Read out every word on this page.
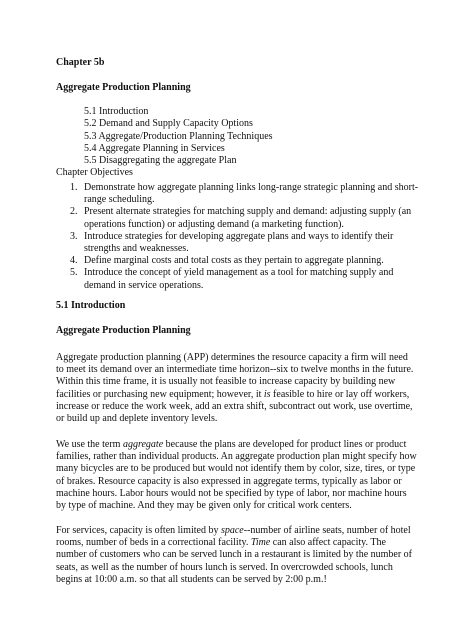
Chapter 5b
Aggregate Production Planning
5.1 Introduction
5.2 Demand and Supply Capacity Options
5.3 Aggregate/Production Planning Techniques
5.4 Aggregate Planning in Services
5.5 Disaggregating the aggregate Plan
Chapter Objectives
1. Demonstrate how aggregate planning links long-range strategic planning and short-range scheduling.
2. Present alternate strategies for matching supply and demand: adjusting supply (an operations function) or adjusting demand (a marketing function).
3. Introduce strategies for developing aggregate plans and ways to identify their strengths and weaknesses.
4. Define marginal costs and total costs as they pertain to aggregate planning.
5. Introduce the concept of yield management as a tool for matching supply and demand in service operations.
5.1 Introduction
Aggregate Production Planning

Aggregate production planning (APP) determines the resource capacity a firm will need to meet its demand over an intermediate time horizon--six to twelve months in the future. Within this time frame, it is usually not feasible to increase capacity by building new facilities or purchasing new equipment; however, it is feasible to hire or lay off workers, increase or reduce the work week, add an extra shift, subcontract out work, use overtime, or build up and deplete inventory levels.

We use the term aggregate because the plans are developed for product lines or product families, rather than individual products. An aggregate production plan might specify how many bicycles are to be produced but would not identify them by color, size, tires, or type of brakes. Resource capacity is also expressed in aggregate terms, typically as labor or machine hours. Labor hours would not be specified by type of labor, nor machine hours by type of machine. And they may be given only for critical work centers.

For services, capacity is often limited by space--number of airline seats, number of hotel rooms, number of beds in a correctional facility. Time can also affect capacity. The number of customers who can be served lunch in a restaurant is limited by the number of seats, as well as the number of hours lunch is served. In overcrowded schools, lunch begins at 10:00 a.m. so that all students can be served by 2:00 p.m.!
